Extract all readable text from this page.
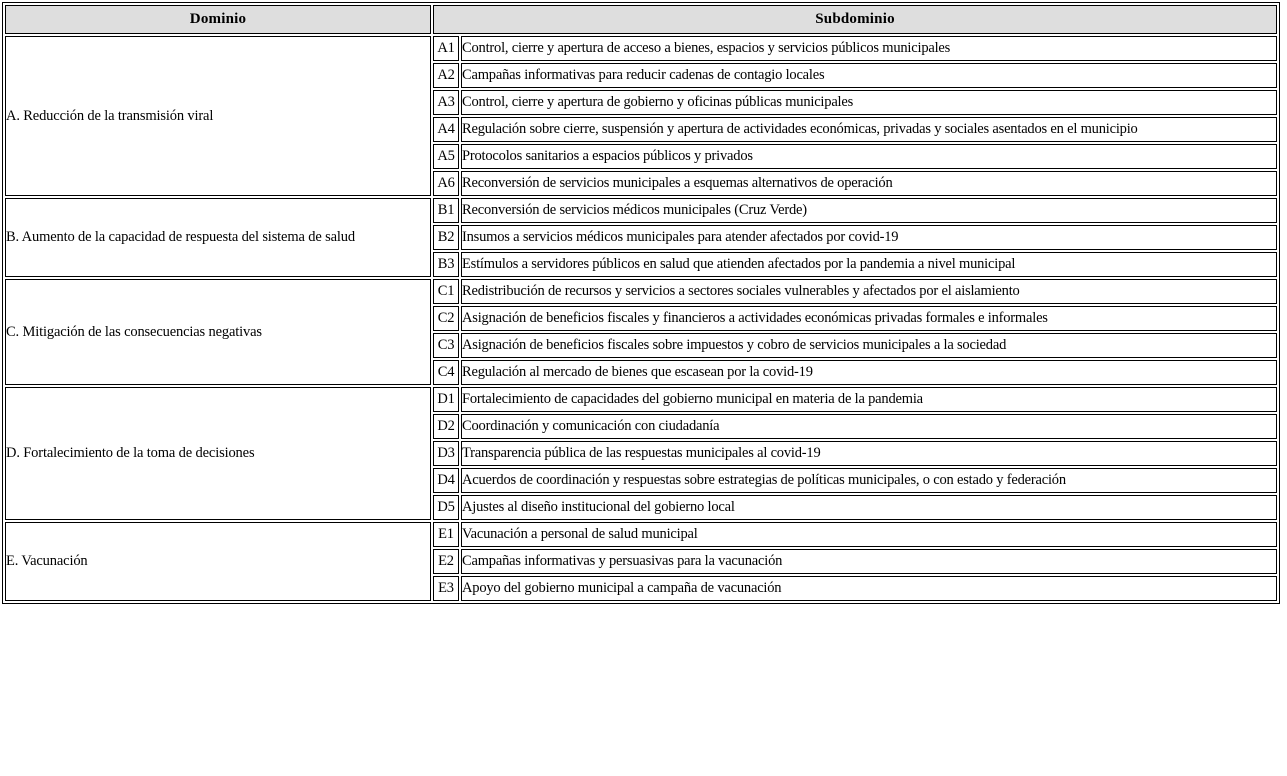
Dominio	Subdominio	
A. Reducción de la transmisión viral	A1	Control, cierre y apertura de acceso a bienes, espacios y servicios públicos municipales
	A2	Campañas informativas para reducir cadenas de contagio locales
	A3	Control, cierre y apertura de gobierno y oficinas públicas municipales
	A4	Regulación sobre cierre, suspensión y apertura de actividades económicas, privadas y sociales asentados en el municipio
	A5	Protocolos sanitarios a espacios públicos y privados
	A6	Reconversión de servicios municipales a esquemas alternativos de operación
B. Aumento de la capacidad de respuesta del sistema de salud	B1	Reconversión de servicios médicos municipales (Cruz Verde)
	B2	Insumos a servicios médicos municipales para atender afectados por covid-19
	B3	Estímulos a servidores públicos en salud que atienden afectados por la pandemia a nivel municipal
C. Mitigación de las consecuencias negativas	C1	Redistribución de recursos y servicios a sectores sociales vulnerables y afectados por el aislamiento
	C2	Asignación de beneficios fiscales y financieros a actividades económicas privadas formales e informales
	C3	Asignación de beneficios fiscales sobre impuestos y cobro de servicios municipales a la sociedad
	C4	Regulación al mercado de bienes que escasean por la covid-19
D. Fortalecimiento de la toma de decisiones	D1	Fortalecimiento de capacidades del gobierno municipal en materia de la pandemia
	D2	Coordinación y comunicación con ciudadanía
	D3	Transparencia pública de las respuestas municipales al covid-19
	D4	Acuerdos de coordinación y respuestas sobre estrategias de políticas municipales, o con estado y federación
	D5	Ajustes al diseño institucional del gobierno local
E. Vacunación	E1	Vacunación a personal de salud municipal
	E2	Campañas informativas y persuasivas para la vacunación
	E3	Apoyo del gobierno municipal a campaña de vacunación
